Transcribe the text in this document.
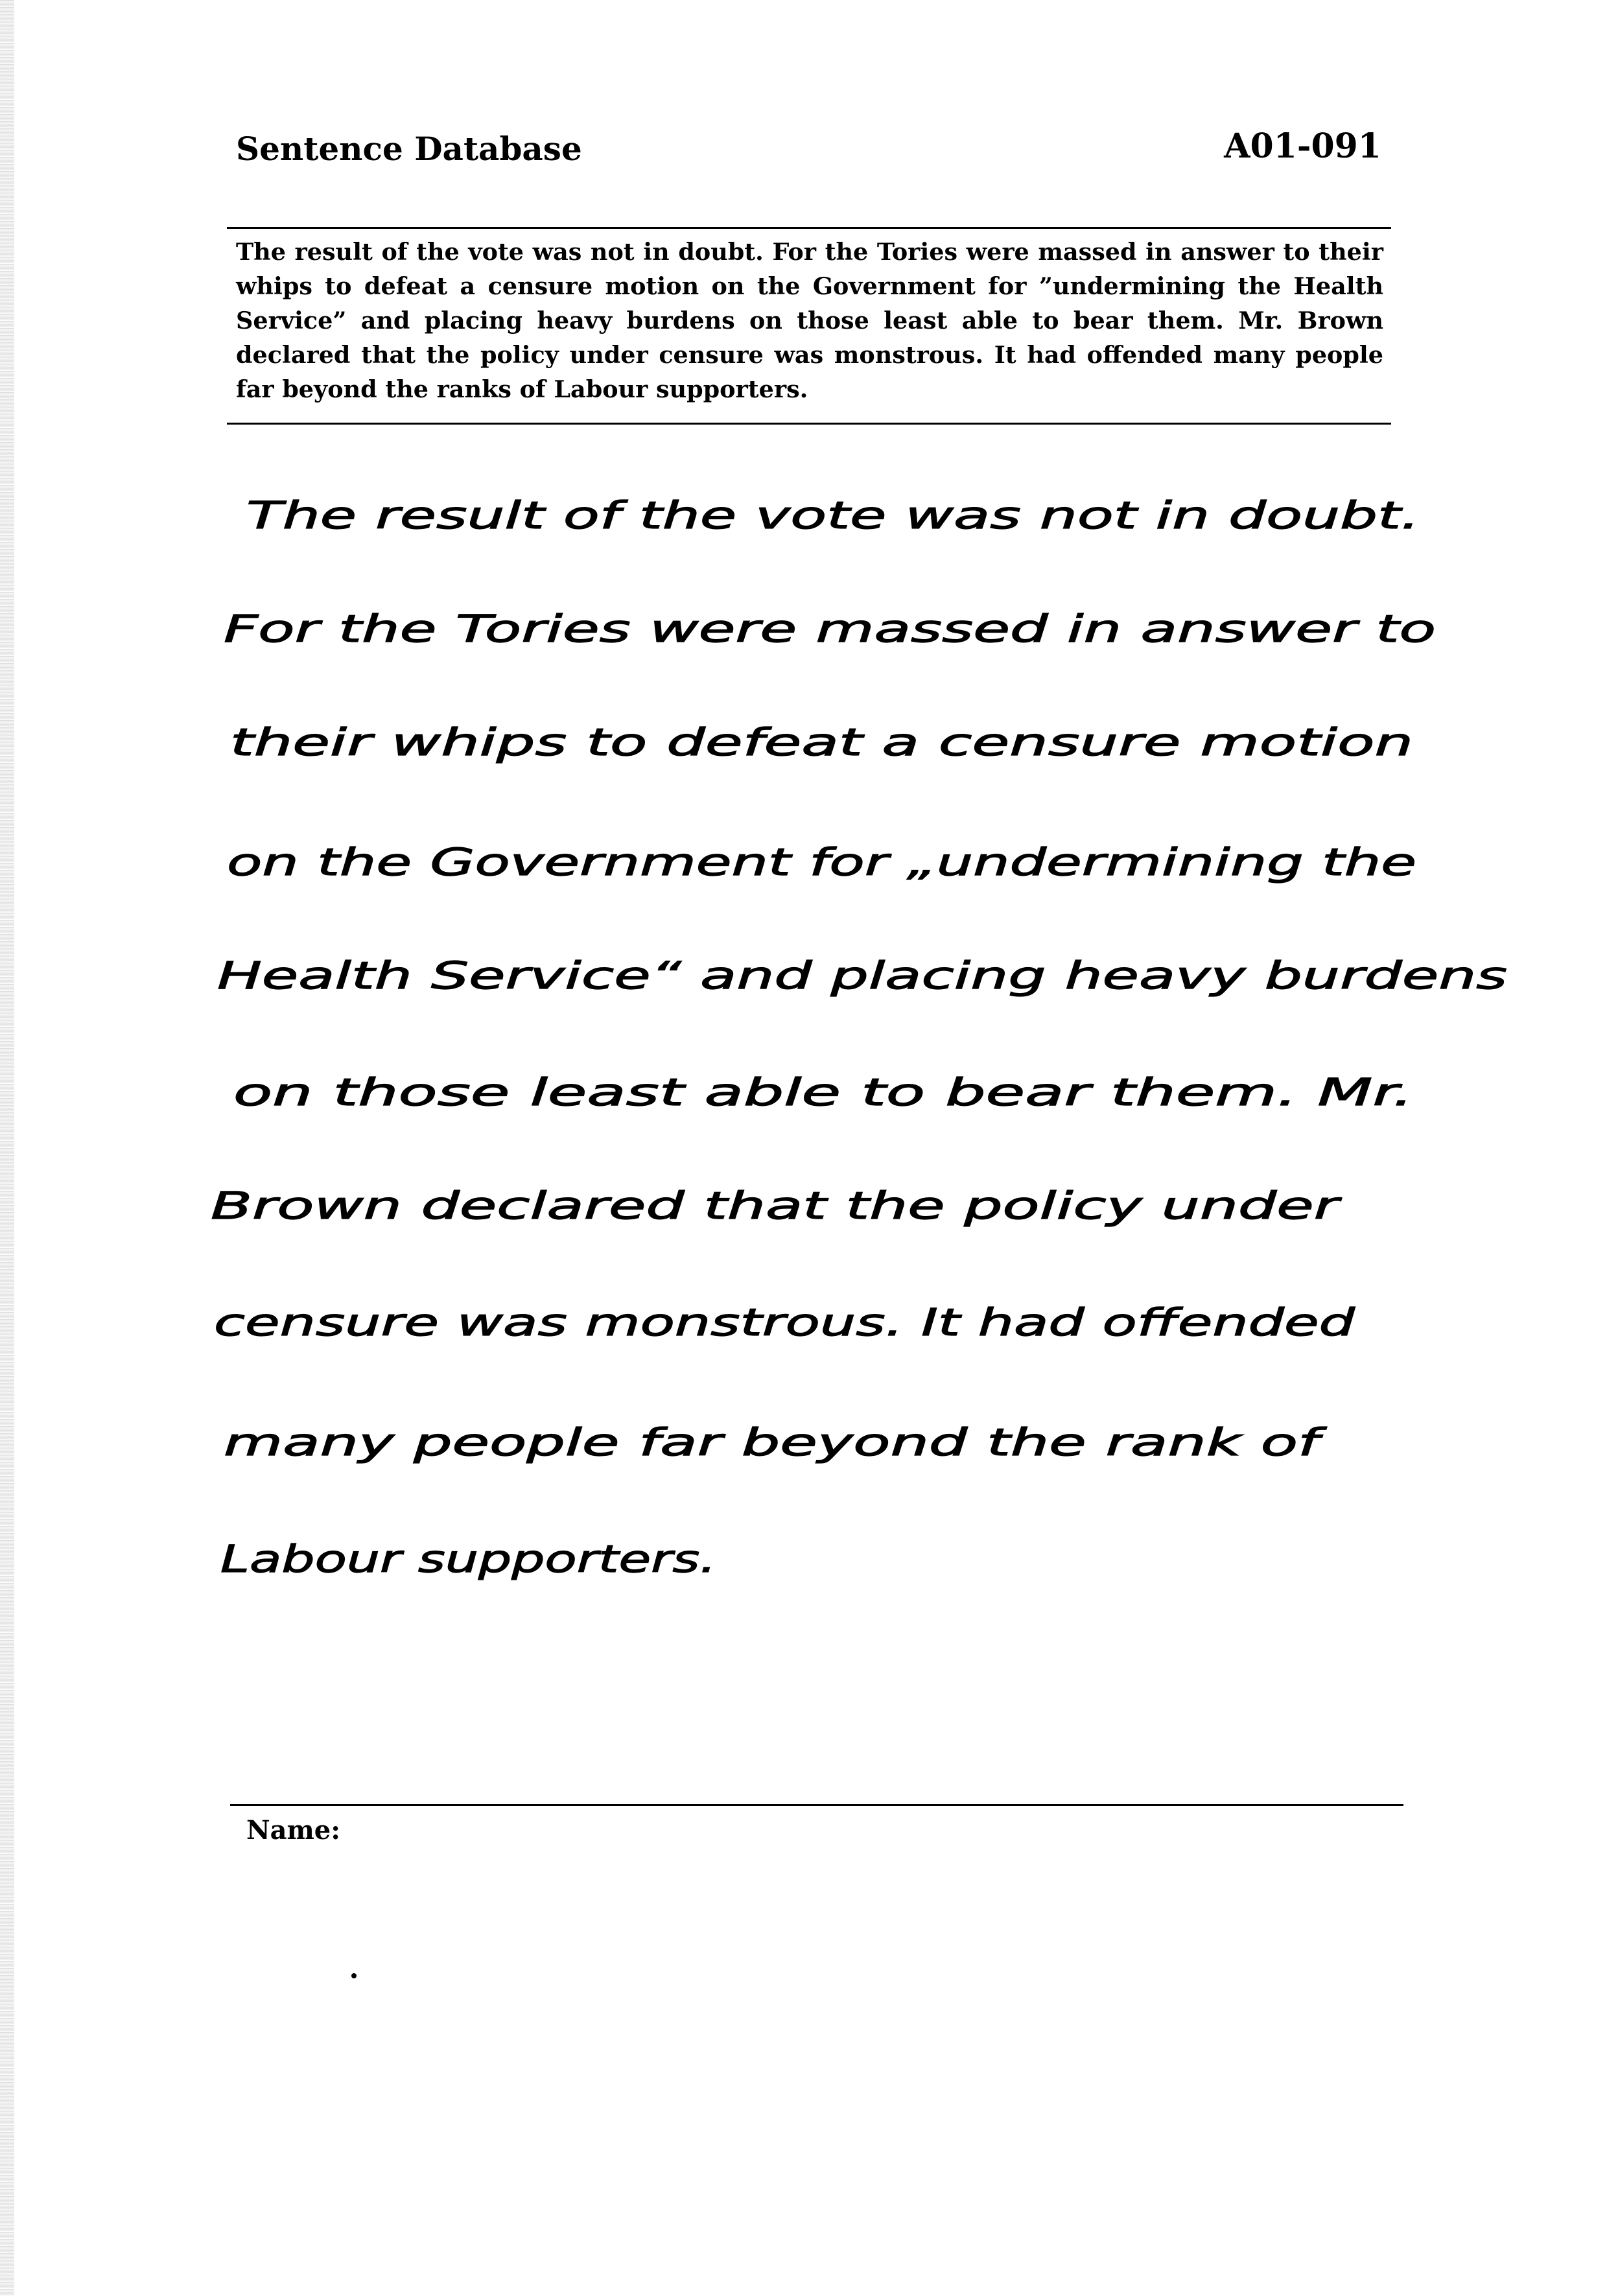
Sentence Database	A01-091
The result of the vote was not in doubt. For the Tories were massed in answer to their
whips to defeat a censure motion on the Government for ”undermining the Health
Service” and placing heavy burdens on those least able to bear them. Mr. Brown
declared that the policy under censure was monstrous. It had offended many people
far beyond the ranks of Labour supporters.
The result of the vote was not in doubt.
For the Tories were massed in answer to
their whips to defeat a censure motion
on the Government for „undermining the
Health Service“ and placing heavy burdens
on those least able to bear them. Mr.
Brown declared that the policy under
censure was monstrous. It had offended
many people far beyond the rank of
Labour supporters.
Name:
